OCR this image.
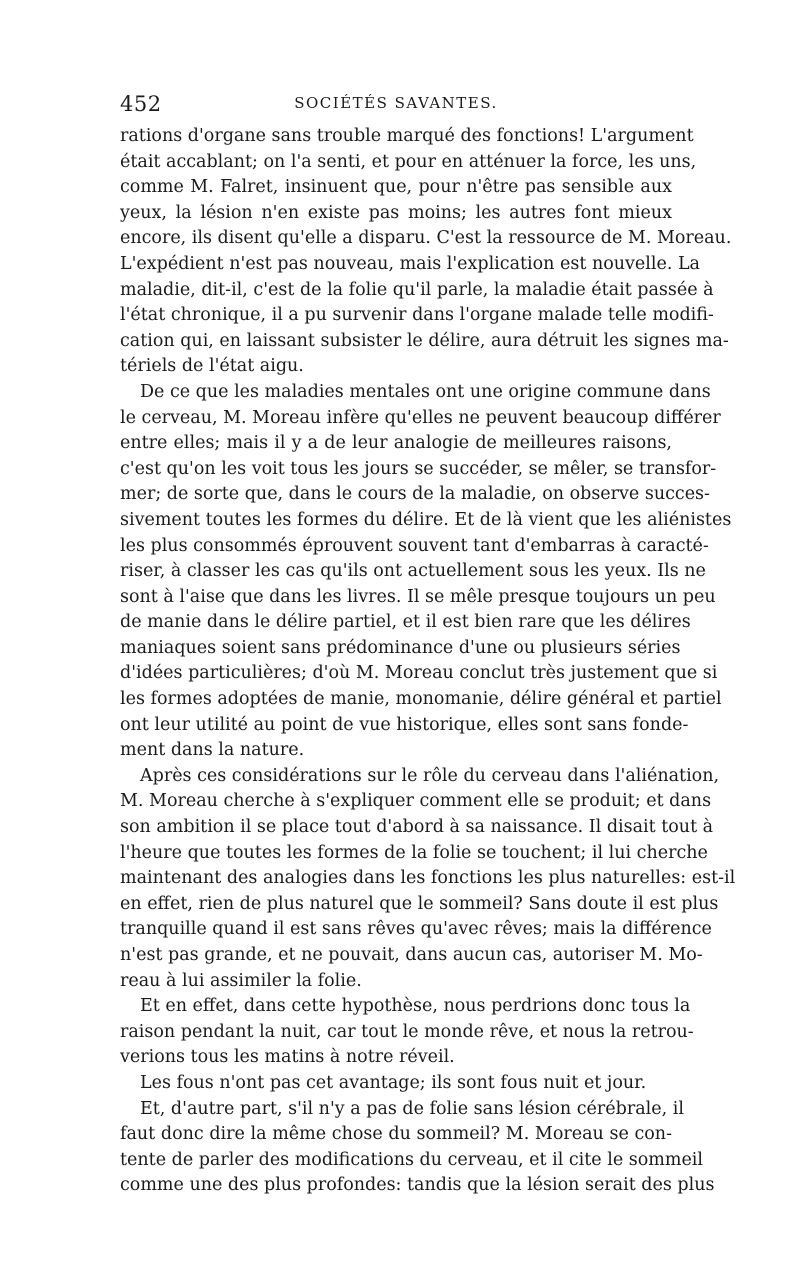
452	SOCIÉTÉS SAVANTES.
rations d'organe sans trouble marqué des fonctions! L'argument
était accablant; on l'a senti, et pour en atténuer la force, les uns,
comme M. Falret, insinuent que, pour n'être pas sensible aux
yeux, la lésion n'en existe pas moins; les autres font mieux
encore, ils disent qu'elle a disparu. C'est la ressource de M. Moreau.
L'expédient n'est pas nouveau, mais l'explication est nouvelle. La
maladie, dit-il, c'est de la folie qu'il parle, la maladie était passée à
l'état chronique, il a pu survenir dans l'organe malade telle modifi-
cation qui, en laissant subsister le délire, aura détruit les signes ma-
tériels de l'état aigu.
De ce que les maladies mentales ont une origine commune dans
le cerveau, M. Moreau infère qu'elles ne peuvent beaucoup différer
entre elles; mais il y a de leur analogie de meilleures raisons,
c'est qu'on les voit tous les jours se succéder, se mêler, se transfor-
mer; de sorte que, dans le cours de la maladie, on observe succes-
sivement toutes les formes du délire. Et de là vient que les aliénistes
les plus consommés éprouvent souvent tant d'embarras à caracté-
riser, à classer les cas qu'ils ont actuellement sous les yeux. Ils ne
sont à l'aise que dans les livres. Il se mêle presque toujours un peu
de manie dans le délire partiel, et il est bien rare que les délires
maniaques soient sans prédominance d'une ou plusieurs séries
d'idées particulières; d'où M. Moreau conclut très justement que si
les formes adoptées de manie, monomanie, délire général et partiel
ont leur utilité au point de vue historique, elles sont sans fonde-
ment dans la nature.
Après ces considérations sur le rôle du cerveau dans l'aliénation,
M. Moreau cherche à s'expliquer comment elle se produit; et dans
son ambition il se place tout d'abord à sa naissance. Il disait tout à
l'heure que toutes les formes de la folie se touchent; il lui cherche
maintenant des analogies dans les fonctions les plus naturelles: est-il
en effet, rien de plus naturel que le sommeil? Sans doute il est plus
tranquille quand il est sans rêves qu'avec rêves; mais la différence
n'est pas grande, et ne pouvait, dans aucun cas, autoriser M. Mo-
reau à lui assimiler la folie.
Et en effet, dans cette hypothèse, nous perdrions donc tous la
raison pendant la nuit, car tout le monde rêve, et nous la retrou-
verions tous les matins à notre réveil.
Les fous n'ont pas cet avantage; ils sont fous nuit et jour.
Et, d'autre part, s'il n'y a pas de folie sans lésion cérébrale, il
faut donc dire la même chose du sommeil? M. Moreau se con-
tente de parler des modifications du cerveau, et il cite le sommeil
comme une des plus profondes: tandis que la lésion serait des plus
